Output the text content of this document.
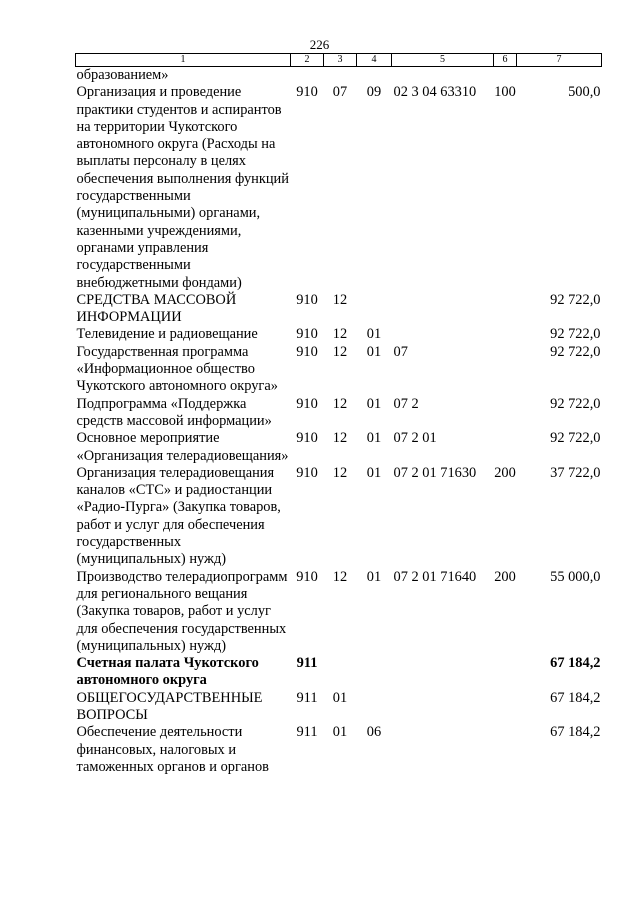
226
1	2	3	4	5	6	7
образованием»						
Организация и проведение практики студентов и аспирантов на территории Чукотского автономного округа (Расходы на выплаты персоналу в целях обеспечения выполнения функций государственными (муниципальными) органами, казенными учреждениями, органами управления государственными внебюджетными фондами)	910	07	09	02 3 04 63310	100	500,0
СРЕДСТВА МАССОВОЙ ИНФОРМАЦИИ	910	12				92 722,0
Телевидение и радиовещание	910	12	01			92 722,0
Государственная программа «Информационное общество Чукотского автономного округа»	910	12	01	07		92 722,0
Подпрограмма «Поддержка средств массовой информации»	910	12	01	07 2		92 722,0
Основное мероприятие «Организация телерадиовещания»	910	12	01	07 2 01		92 722,0
Организация телерадиовещания каналов «СТС» и радиостанции «Радио-Пурга» (Закупка товаров, работ и услуг для обеспечения государственных (муниципальных) нужд)	910	12	01	07 2 01 71630	200	37 722,0
Производство телерадиопрограмм для регионального вещания (Закупка товаров, работ и услуг для обеспечения государственных (муниципальных) нужд)	910	12	01	07 2 01 71640	200	55 000,0
Счетная палата Чукотского автономного округа	911					67 184,2
ОБЩЕГОСУДАРСТВЕННЫЕ ВОПРОСЫ	911	01				67 184,2
Обеспечение деятельности финансовых, налоговых и таможенных органов и органов	911	01	06			67 184,2
